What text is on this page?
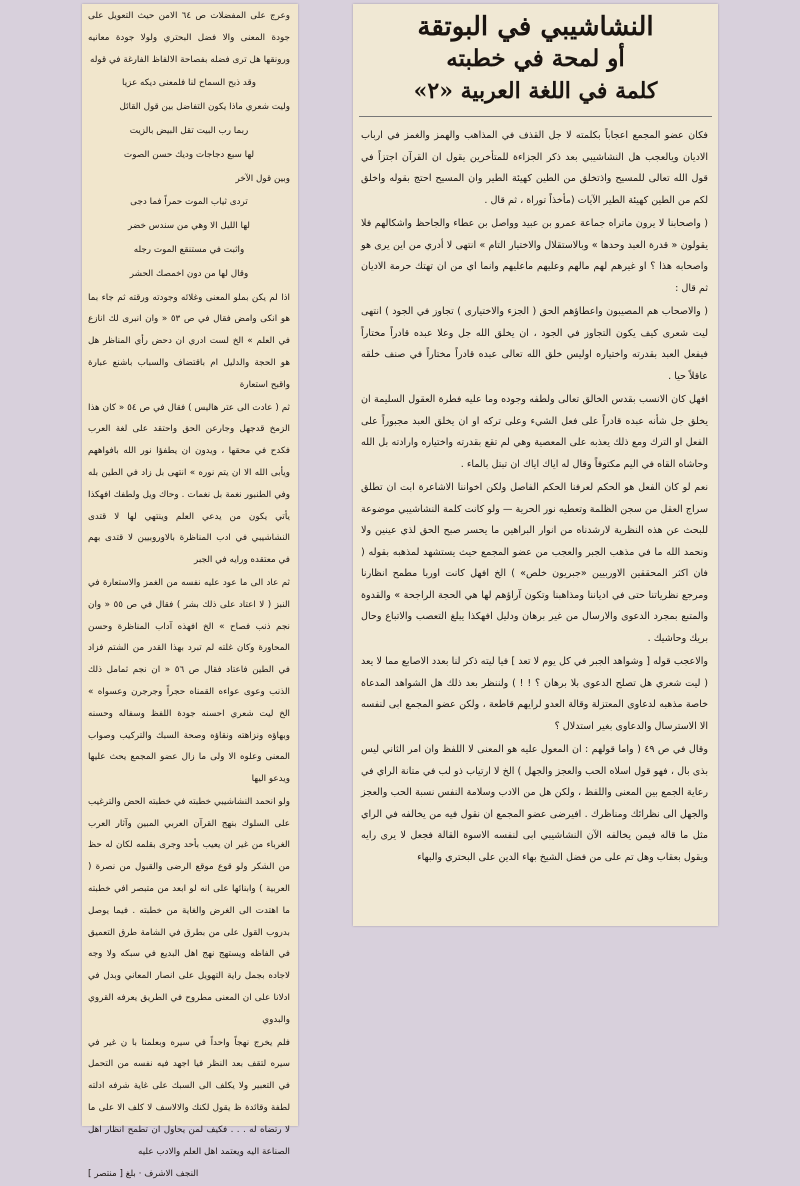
النشاشيبي في البوتقة
أو لمحة في خطبته
كلمة في اللغة العربية «٢»

فكان عضو المجمع اعجاباً بكلمته لا جل القذف في المذاهب والهمز والغمز في ارباب الاديان ويالعجب هل النشاشيبي بعد ذكر الجزاءة للمتأخرين يقول ان القرآن اجتزاً في قول الله تعالى للمسيح واذتخلق من الطين كهيئة الطير وان المسيح احتج بقوله واخلق لكم من الطين كهيئة الطير الآيات (مأخذاً توراة ، ثم قال .

( واصحابنا لا يرون ماتراه جماعة عمرو بن عبيد وواصل بن عطاء والجاحظ واشكالهم فلا يقولون « قدرة العبد وحدها » وبالاستقلال والاختيار التام » انتهى لا أدري من اين يرى هو واصحابه هذا ؟ او غيرهم لهم مالهم وعليهم ماعليهم وانما اي من ان تهتك حرمة الاديان ثم قال :

( والاصحاب هم المصيبون واعطاؤهم الحق ( الجزء والاختيارى ) تجاوز في الجود ) انتهى ليت شعرى كيف يكون التجاوز في الجود ، ان يخلق الله جل وعلا عبده قادراً مختاراً فيفعل العبد بقدرته واختياره اوليس خلق الله تعالى عبده قادراً مختاراً في صنف خلقه عاقلاً حيا .

افهل كان الانسب بقدس الخالق تعالى ولطفه وجوده وما عليه فطرة العقول السليمة ان يخلق جل شأنه عبده قادراً على فعل الشيء وعلى تركه او ان يخلق العبد مجبوراً على الفعل او الترك ومع ذلك يعذبه على المعصية وهي لم تقع بقدرته واختياره وارادته بل الله وحاشاه القاه في اليم مكتوفاً وقال له اياك اياك ان تبتل بالماء .

نعم لو كان الفعل هو الحكم لعرفنا الحكم الفاصل ولكن اخواننا الاشاعرة ابت ان تطلق سراج العقل من سجن الظلمة وتعطيه نور الحرية — ولو كانت كلمة النشاشيبي موضوعة للبحث عن هذه النظرية لارشدناه من انوار البراهين ما يحسر صبح الحق لذي عينين ولا ونحمد الله ما في مذهب الجبر والعجب من عضو المجمع حيث يستشهد لمذهبه بقوله ( فان اكثر المحققين الاوربيين «جبريون خلص» ) الخ افهل كانت اوربا مطمح انظارنا ومرجع نظرياتنا حتى في ادياننا ومذاهبنا وتكون آراؤهم لها هي الحجة الراجحة » والقدوة والمتبع بمجرد الدعوى والارسال من غير برهان ودليل افهكذا يبلغ التعصب والاتباع وحال بريك وحاشيك .

والاعجب قوله [ وشواهد الجبر في كل يوم لا تعد ] فيا ليته ذكر لنا بعدد الاصابع مما لا يعد ( ليت شعري هل تصلح الدعوى بلا برهان ؟ ! ! ) ولننظر بعد ذلك هل الشواهد المدعاة خاصة مذهبه لدعاوى المعتزلة وقالة العدو لرايهم قاطعة ، ولكن عضو المجمع ابى لنفسه الا الاسترسال والدعاوى بغير استدلال ؟

وقال في ص ٤٩ ( واما قولهم : ان المعول عليه هو المعنى لا اللفظ وان امر الثاني ليس بذى بال ، فهو قول اسلاه الحب والعجز والجهل ) الخ لا ارتياب ذو لب في متانة الراي في رعاية الجمع بين المعنى واللفظ ، ولكن هل من الادب وسلامة النفس نسبة الحب والعجز والجهل الى نظرائك ومناظرك . افيرضى عضو المجمع ان نقول فيه من يخالفه في الراي مثل ما قاله فيمن يخالفه الآن النشاشيبي ابى لنفسه الاسوة القالة فجعل لا يرى رايه ويقول بعقاب وهل تم على من فضل الشيخ بهاء الدين على البحتري والبهاء

وعرج على المفضلات ص ٦٤ الامن حيث التعويل على جودة المعنى والا فضل البحتري ولولا جودة معانيه ورونقها هل ترى فضله بفصاحة الالفاظ الفارغة في قوله

وقد ذبح السماح لنا فلمعنى ديكه عزيا

وليت شعري ماذا يكون التفاضل بين قول القائل

ربما رب البيت تقل البيض بالزيت

لها سبع دجاجات وديك حسن الصوت

وبين قول الآخر

تردى ثياب الموت حمراً فما دجى

لها الليل الا وهي من سندس خضر

واثبت في مستنقع الموت رجله

وقال لها من دون اخمصك الحشر

اذا لم يكن بملو المعنى وغلائه وجودته ورقته ثم جاء بما هو انكى وامض فقال في ص ٥٣ « وان انبرى لك انازع في العلم » الخ لست ادري ان دحض رأي المناظر هل هو الحجة والدليل ام باقتضاف والسباب باشنع عبارة واقبح استعارة

ثم ( عادت الى عتر هاليس ) فقال في ص ٥٤ « كان هذا الزمخ قدجهل وجارعن الحق واحتقد على لغة العرب فكدح في محقها ، ويدون ان يطفؤا نور الله بافواههم ويأبى الله الا ان يتم نوره » انتهى بل زاد في الطين بله وفي الطنبور نغمة بل نغمات . وحاك ويل ولطفك افهكذا يأتي يكون من يدعي العلم وينتهي لها لا قتدى النشاشيبي في ادب المناظرة بالاوروبيين لا قتدى بهم في معتقده ورايه في الجبر

ثم عاد الى ما عود عليه نفسه من الغمز والاستعارة في النبز ( لا اعتاد على ذلك بشر ) فقال في ص ٥٥ « وان نجم ذنب فصاح » الخ افهذه آداب المناظرة وحسن المحاورة وكان غلته لم تبرد بهذا القدر من الشتم فزاد في الطين فاعتاد فقال ص ٥٦ « ان نجم ثمامل ذلك الذنب وعوى عواءه القمناه حجراً وجرجرن وعسواه » الخ ليت شعري احسنه جودة اللفظ وسفاله وحسنه وبهاؤه ونزاهته ونقاؤه وصحة السبك والتركيب وصواب المعنى وعلوه الا ولى ما زال عضو المجمع يحث عليها ويدعو اليها

ولو انحمد النشاشيبي خطبته في خطبته الحض والترغيب على السلوك بنهج القرآن العربي المبين وآثار العرب الغرباء من غير ان يعيب بأحد وجرى بقلمه لكان له حظ من الشكر ولو قوع موقع الرضى والقبول من نصرة ( العربية ) وابنائها على انه لو ابعد من متبصر افي خطبته ما اهتدت الى الغرض والغاية من خطبته . فيما يوصل بدروب القول على من بطرق في الشامة طرق التعميق في الفاظه ويستهج نهج اهل البديع في سبكه ولا وجه لاجاده بجمل راية التهويل على انصار المعاني وبدل في ادلانا على ان المعنى مطروح في الطريق يعرفه القروي والبدوي

فلم يخرج نهجاً واحداً في سيره وبعلمنا با ن غير في سيره لتقف بعد النظر فيا اجهد فيه نفسه من التحمل في التعبير ولا يكلف الى السبك على غاية شرفه ادلته لطفة وقائدة ظ يقول لكنك والالاسف لا كلف الا على ما لا رتضاه له . . . فكيف لمن يحاول ان تطمح انظار اهل الصناعة اليه ويعتمد اهل العلم والادب عليه

النجف الاشرف · بلغ [ منتصر ]
